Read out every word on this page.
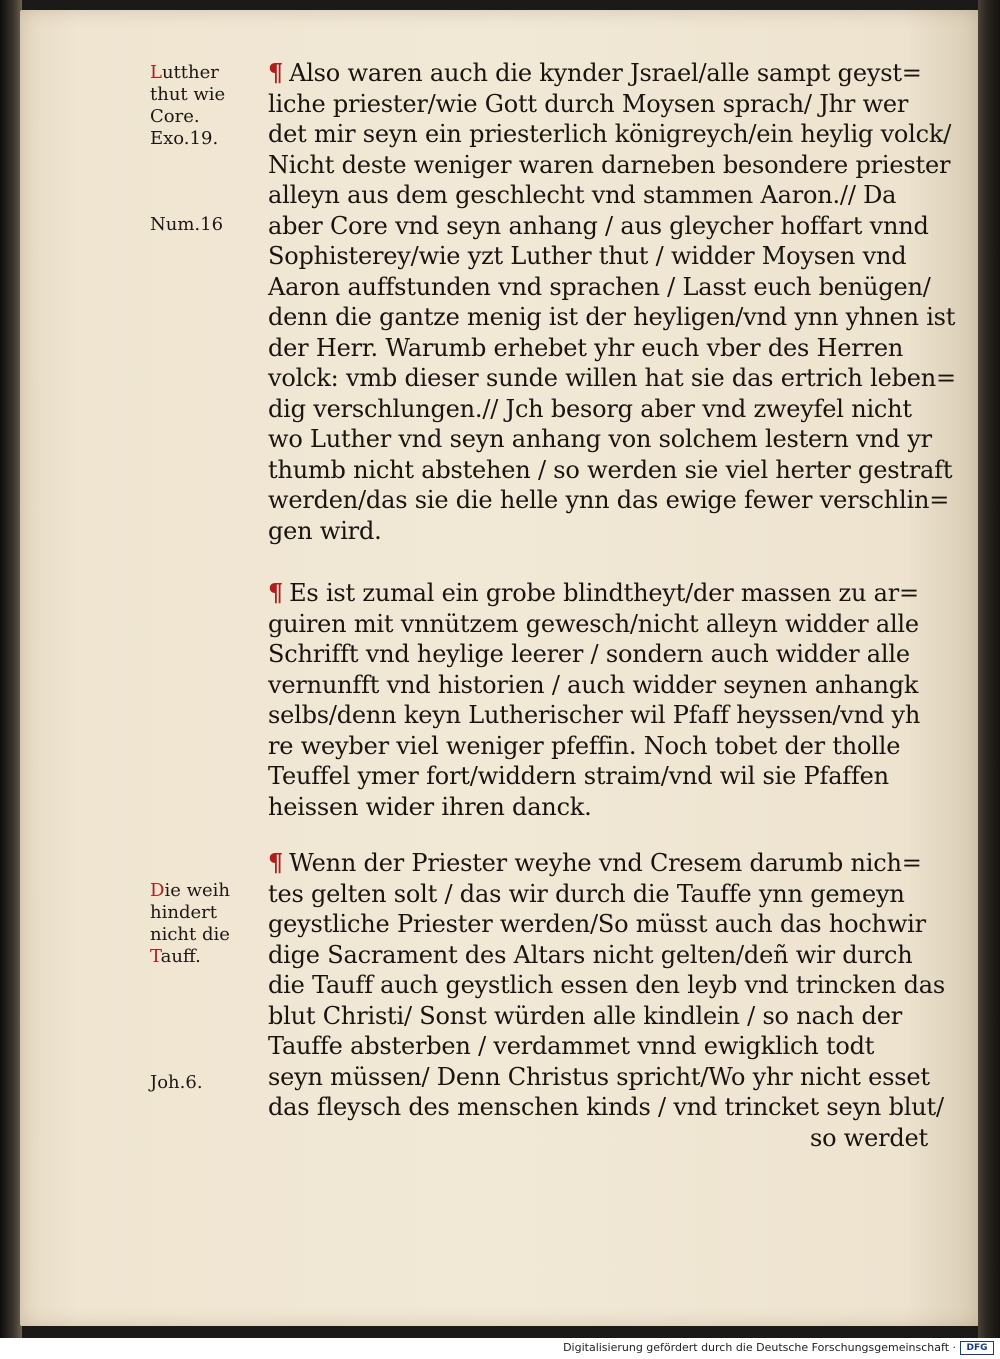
Lutther
thut wie
Core.
Exo.19.
Num.16
Die weih
hindert
nicht die
Tauff.
Joh.6.
¶ Also waren auch die kynder Jsrael/alle sampt geyst=
liche priester/wie Gott durch Moysen sprach/ Jhr wer
det mir seyn ein priesterlich königreych/ein heylig volck/
Nicht deste weniger waren darneben besondere priester
alleyn aus dem geschlecht vnd stammen Aaron.// Da
aber Core vnd seyn anhang / aus gleycher hoffart vnnd
Sophisterey/wie yzt Luther thut / widder Moysen vnd
Aaron auffstunden vnd sprachen / Lasst euch benügen/
denn die gantze menig ist der heyligen/vnd ynn yhnen ist
der Herr. Warumb erhebet yhr euch vber des Herren
volck: vmb dieser sunde willen hat sie das ertrich leben=
dig verschlungen.// Jch besorg aber vnd zweyfel nicht
wo Luther vnd seyn anhang von solchem lestern vnd yr
thumb nicht abstehen / so werden sie viel herter gestraft
werden/das sie die helle ynn das ewige fewer verschlin=
gen wird.
¶ Es ist zumal ein grobe blindtheyt/der massen zu ar=
guiren mit vnnützem gewesch/nicht alleyn widder alle
Schrifft vnd heylige leerer / sondern auch widder alle
vernunfft vnd historien / auch widder seynen anhangk
selbs/denn keyn Lutherischer wil Pfaff heyssen/vnd yh
re weyber viel weniger pfeffin. Noch tobet der tholle
Teuffel ymer fort/widdern straim/vnd wil sie Pfaffen
heissen wider ihren danck.
¶ Wenn der Priester weyhe vnd Cresem darumb nich=
tes gelten solt / das wir durch die Tauffe ynn gemeyn
geystliche Priester werden/So müsst auch das hochwir
dige Sacrament des Altars nicht gelten/deñ wir durch
die Tauff auch geystlich essen den leyb vnd trincken das
blut Christi/ Sonst würden alle kindlein / so nach der
Tauffe absterben / verdammet vnnd ewigklich todt
seyn müssen/ Denn Christus spricht/Wo yhr nicht esset
das fleysch des menschen kinds / vnd trincket seyn blut/
so werdet
Digitalisierung gefördert durch die Deutsche Forschungsgemeinschaft ·	DFG
